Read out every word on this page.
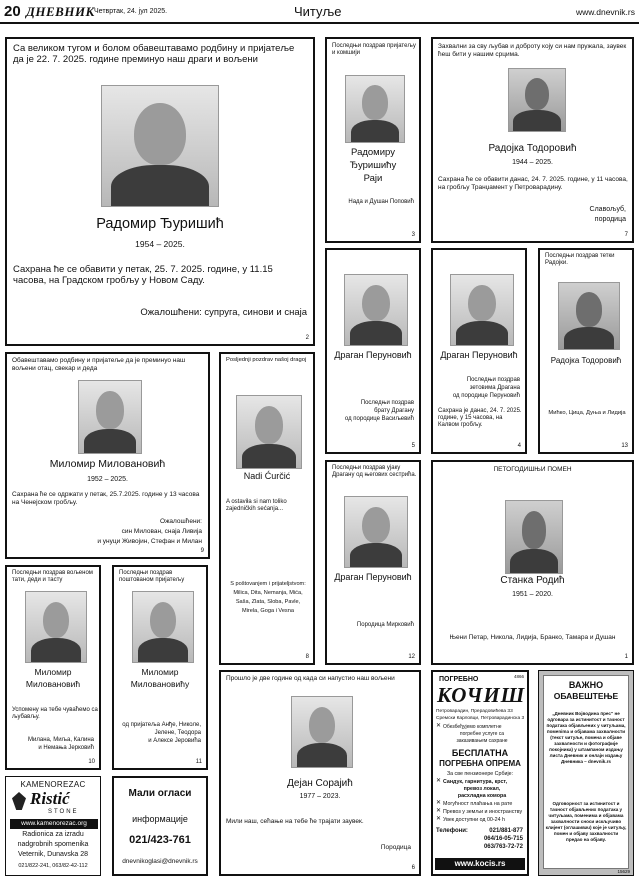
20 ДНЕВНИК Четвртак, 24. јул 2025.	Читуље	www.dnevnik.rs
Са великом тугом и болом обавештавамо родбину и пријатеље да је 22. 7. 2025. године преминуо наш драги и вољени
Радомир Ђуришић
1954 – 2025.
Сахрана ће се обавити у петак, 25. 7. 2025. године, у 11.15 часова, на Градском гробљу у Новом Саду.
Ожалошћени: супруга, синови и снаја
2
Последњи поздрав пријатељу и комшији
Радомиру
Ђуришићу
Раји
Нада и Душан Поповић
3
Захвални за сву љубав и доброту коју си нам пружала, заувек ћеш бити у нашим срцима.
Радојка Тодоровић
1944 – 2025.
Сахрана ће се обавити данас, 24. 7. 2025. године, у 11 часова, на гробљу Транџамент у Петроварадину.
Славољуб,
породица
7
Драган Перуновић
Последњи поздрав
брату Драгану
од породице Васиљевић
5
Драган Перуновић
Последњи поздрав
зетовима Драгана
од породице Перуновић
Сахрана је данас, 24. 7. 2025. године, у 15 часова, на Калвом гробљу.
4
Последњи поздрав тетки Радојки.
Радојка Тодоровић
Мићко, Цица, Дуња и Лидија
13
Обавештавамо родбину и пријатеље да је преминуо наш вољени отац, свекар и деда
Миломир Миловановић
1952 – 2025.
Сахрана ће се одржати у петак, 25.7.2025. године у 13 часова на Ченејском гробљу.
Ожалошћени:
син Милован, снаја Ливија
и унуци Живојин, Стефан и Милан
9
Posljednji pozdrav našoj dragoj
Nadi Ćurčić
A ostaviła si nam toliko zajedničkih sećanja...
S poštovanjem i prijateljstvom:
Milica, Dita, Nemanja, Mića,
Saša, Zlata, Sloba, Pavle,
Mirela, Goga i Vesna
8
Последњи поздрав ујаку Драгану од његових сестрића.
Драган Перуновић
Породица Мирковић
12
ПЕТОГОДИШЊИ ПОМЕН
Станка Родић
1951 – 2020.
Њени Петар, Никола, Лидија, Бранко, Тамара и Душан
1
Последњи поздрав вољеном тати, деди и тасту
Миломир
Миловановић
Успомену на тебе чуваћемо са љубављу.
Милана, Миља, Калина
и Немања Јерковић
10
Последњи поздрав поштованом пријатељу
Миломир
Миловановићу
од пријатеља Анђе, Николе,
Јелене, Теодора
и Алексе Јеровића
11
Прошло је две године од када си напустио наш вољени
Дејан Сорајић
1977 – 2023.
Мили наш, сећање на тебе ће трајати заувек.
Породица
6
KAMENOREZAC
Ristić
STONE
www.kamenorezac.org
Radionica za izradu
nadgrobnih spomenika
Veternik, Dunavska 28
021/822-241, 063/82-42-112
Мали огласи
информације
021/423-761
dnevnikoglasi@dnevnik.rs
4866
ПОГРЕБНО
КОЧИШ
Петроварадин, Прерадовићева 33
Сремски Карловци, Петроварадинска 3
✕ Обезбеђујемо комплетне
погребне услуге са
заказивањем сахране
БЕСПЛАТНА
ПОГРЕБНА ОПРЕМА
За све пензионере Србије:
✕ Сандук, гарнитура, крст,
превоз локал,
расхладна комора
✕ Могућност плаћања на рате
✕ Превоз у земљи и иностранству
✕ Увек доступни од 00-24 h
Телефони:	021/881-877
064/16-05-715
063/763-72-72
www.kocis.rs
ВАЖНО
ОБАВЕШТЕЊЕ
„Дневник Војводина прес" не одговара за истинитост и тачност података објављених у читуљама, помenima и објавама захвалности (текст читуље, помена и објаве захвалности и фотографије покојника) у штампаном издању листа Дневник и онлајн издању Дневника – dnevnik.rs
Одговорност за истинитост и тачност објављених података у читуљама, поменима и објавама захвалности сноси искључиво клијент (оглашивач) које је читуљу, помен и објаву захвалности предао на објаву.
15629
